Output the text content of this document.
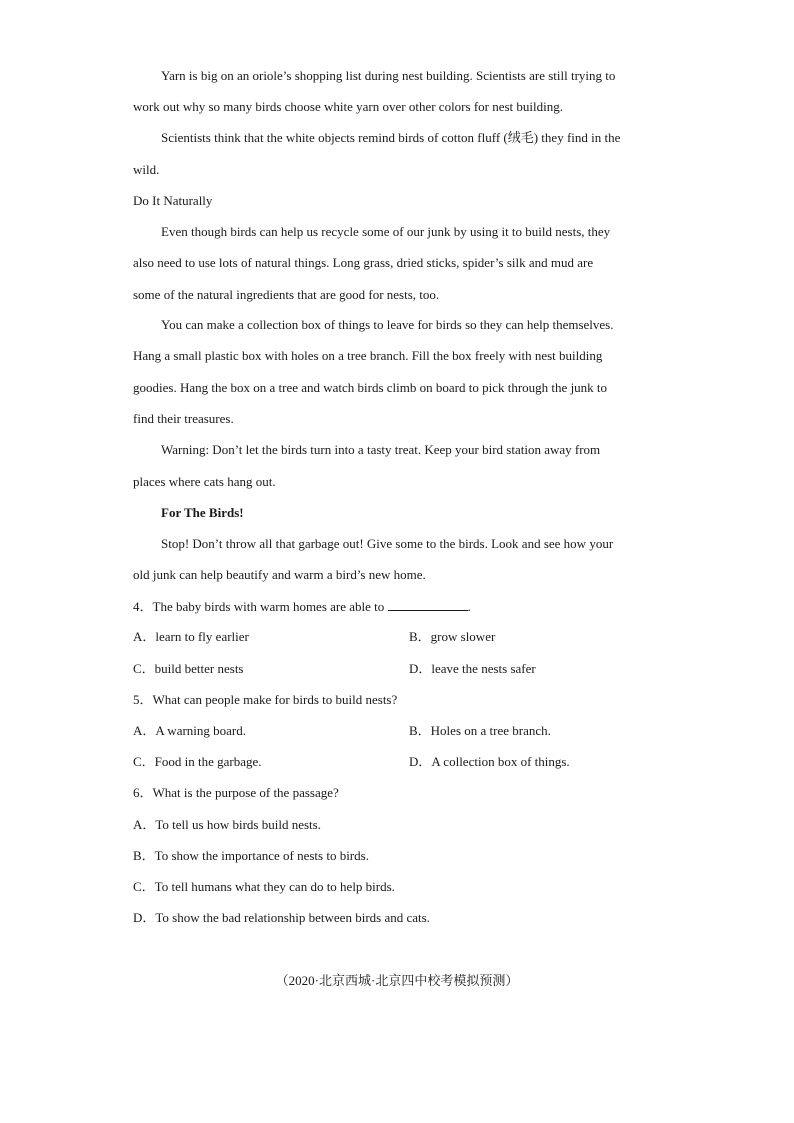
Yarn is big on an oriole’s shopping list during nest building. Scientists are still trying to
work out why so many birds choose white yarn over other colors for nest building.
Scientists think that the white objects remind birds of cotton fluff (绒毛) they find in the
wild.
Do It Naturally
Even though birds can help us recycle some of our junk by using it to build nests, they
also need to use lots of natural things. Long grass, dried sticks, spider’s silk and mud are
some of the natural ingredients that are good for nests, too.
You can make a collection box of things to leave for birds so they can help themselves.
Hang a small plastic box with holes on a tree branch. Fill the box freely with nest building
goodies. Hang the box on a tree and watch birds climb on board to pick through the junk to
find their treasures.
Warning: Don’t let the birds turn into a tasty treat. Keep your bird station away from
places where cats hang out.
For The Birds!
Stop! Don’t throw all that garbage out! Give some to the birds. Look and see how your
old junk can help beautify and warm a bird’s new home.
4．The baby birds with warm homes are able to	.
A．learn to fly earlier	B．grow slower
C．build better nests	D．leave the nests safer
5．What can people make for birds to build nests?
A．A warning board.	B．Holes on a tree branch.
C．Food in the garbage.	D．A collection box of things.
6．What is the purpose of the passage?
A．To tell us how birds build nests.
B．To show the importance of nests to birds.
C．To tell humans what they can do to help birds.
D．To show the bad relationship between birds and cats.
（2020·北京西城·北京四中校考模拟预测）
